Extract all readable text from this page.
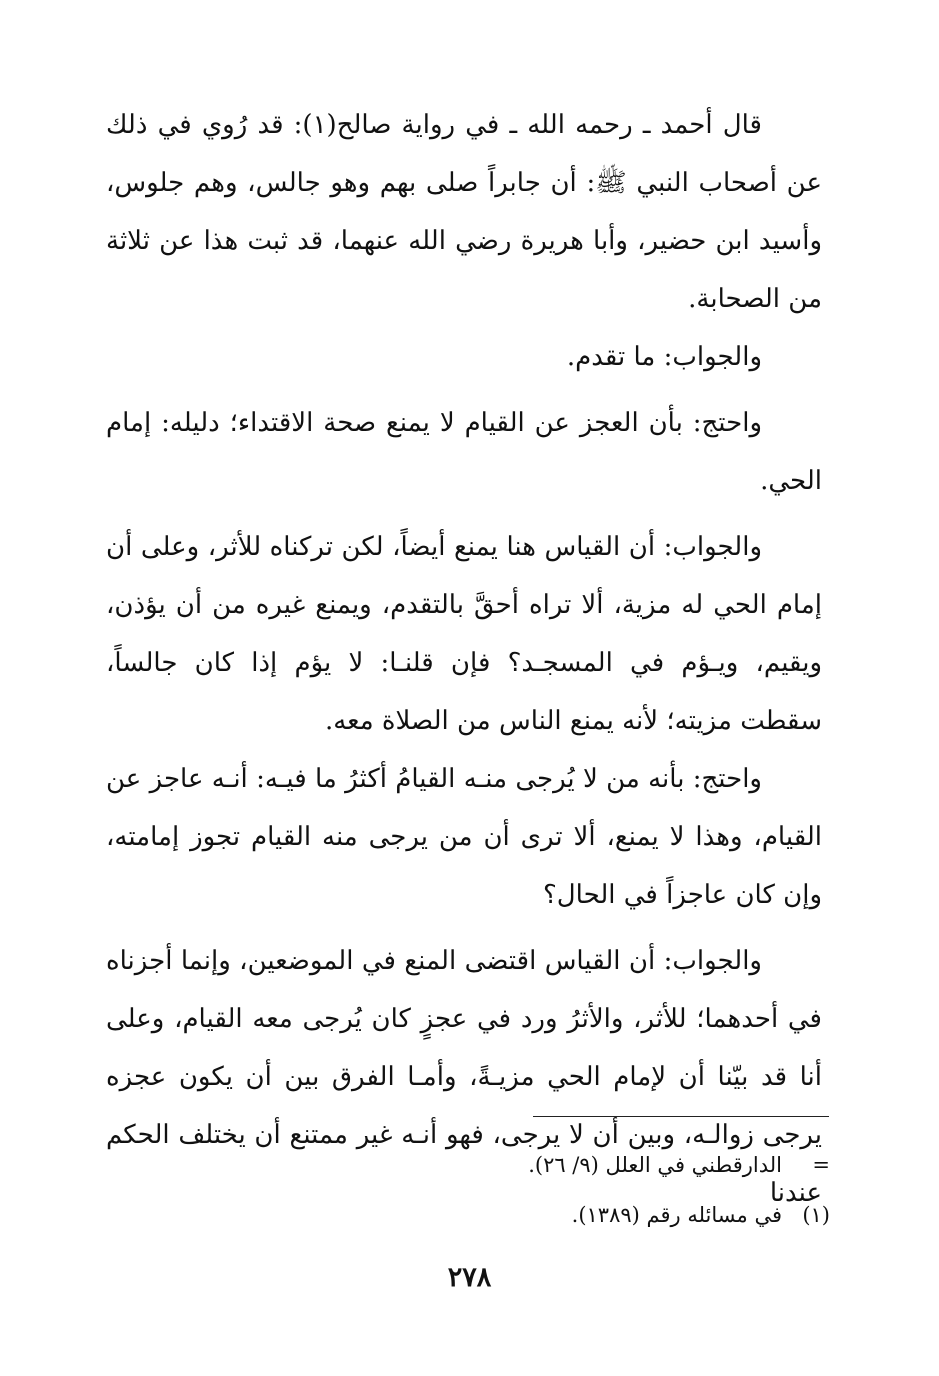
قال أحمد ـ رحمه الله ـ في رواية صالح(١): قد رُوي في ذلك عن أصحاب النبي ﷺ: أن جابراً صلى بهم وهو جالس، وهم جلوس، وأسيد ابن حضير، وأبا هريرة رضي الله عنهما، قد ثبت هذا عن ثلاثة من الصحابة.

والجواب: ما تقدم.

واحتج: بأن العجز عن القيام لا يمنع صحة الاقتداء؛ دليله: إمام الحي.

والجواب: أن القياس هنا يمنع أيضاً، لكن تركناه للأثر، وعلى أن إمام الحي له مزية، ألا تراه أحقَّ بالتقدم، ويمنع غيره من أن يؤذن، ويقيم، ويـؤم في المسجـد؟ فإن قلنـا: لا يؤم إذا كان جالساً، سقطت مزيته؛ لأنه يمنع الناس من الصلاة معه.

واحتج: بأنه من لا يُرجى منـه القيامُ أكثرُ ما فيـه: أنـه عاجز عن القيام، وهذا لا يمنع، ألا ترى أن من يرجى منه القيام تجوز إمامته، وإن كان عاجزاً في الحال؟

والجواب: أن القياس اقتضى المنع في الموضعين، وإنما أجزناه في أحدهما؛ للأثر، والأثرُ ورد في عجزٍ كان يُرجى معه القيام، وعلى أنا قد بيّنا أن لإمام الحي مزيـةً، وأمـا الفرق بين أن يكون عجزه يرجى زوالـه، وبين أن لا يرجى، فهو أنـه غير ممتنع أن يختلف الحكم عندنا

=الدارقطني في العلل (٩/ ٢٦).
(١)في مسائله رقم (١٣٨٩).
٢٧٨
